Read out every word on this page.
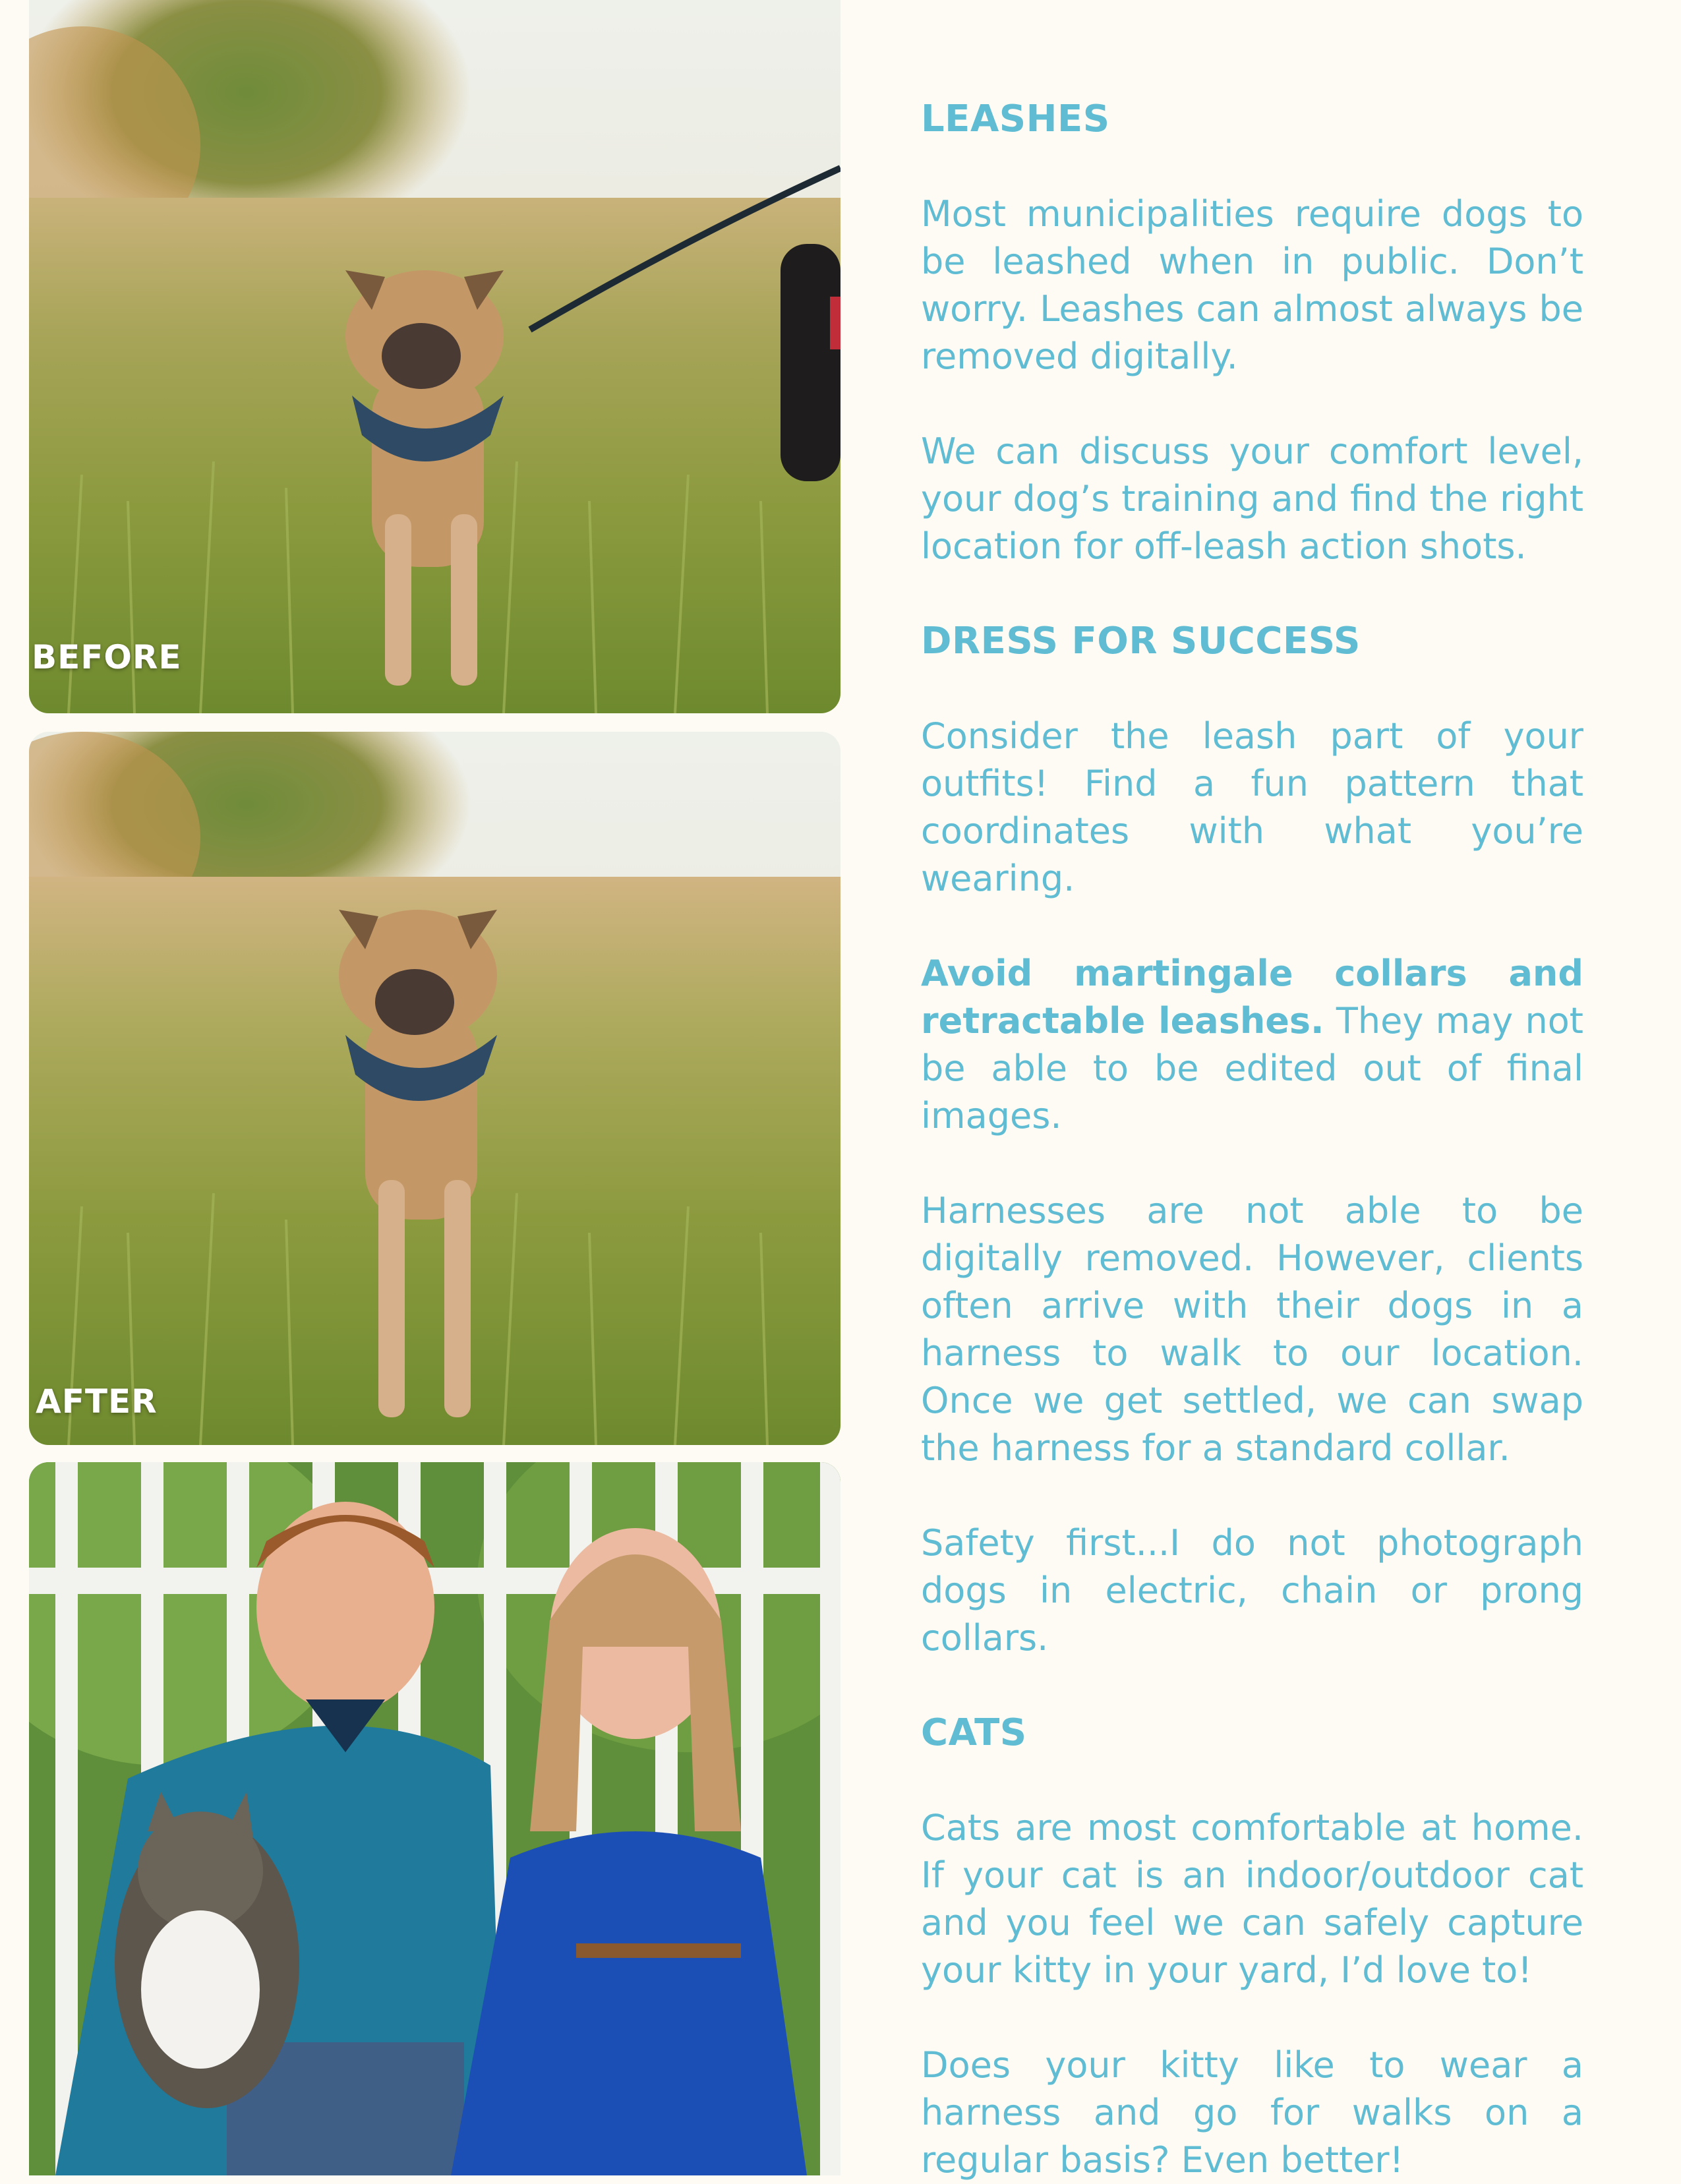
BEFORE
AFTER
LEASHES

Most municipalities require dogs to be leashed when in public. Don’t worry. Leashes can almost always be removed digitally.

We can discuss your comfort level, your dog’s training and find the right location for off-leash action shots.

DRESS FOR SUCCESS

Consider the leash part of your outfits! Find a fun pattern that coordinates with what you’re wearing.

Avoid martingale collars and retractable leashes. They may not be able to be edited out of final images.

Harnesses are not able to be digitally removed. However, clients often arrive with their dogs in a harness to walk to our location. Once we get settled, we can swap the harness for a standard collar.

Safety first...I do not photograph dogs in electric, chain or prong collars.

CATS

Cats are most comfortable at home. If your cat is an indoor/outdoor cat and you feel we can safely capture your kitty in your yard, I’d love to!

Does your kitty like to wear a harness and go for walks on a regular basis? Even better!
